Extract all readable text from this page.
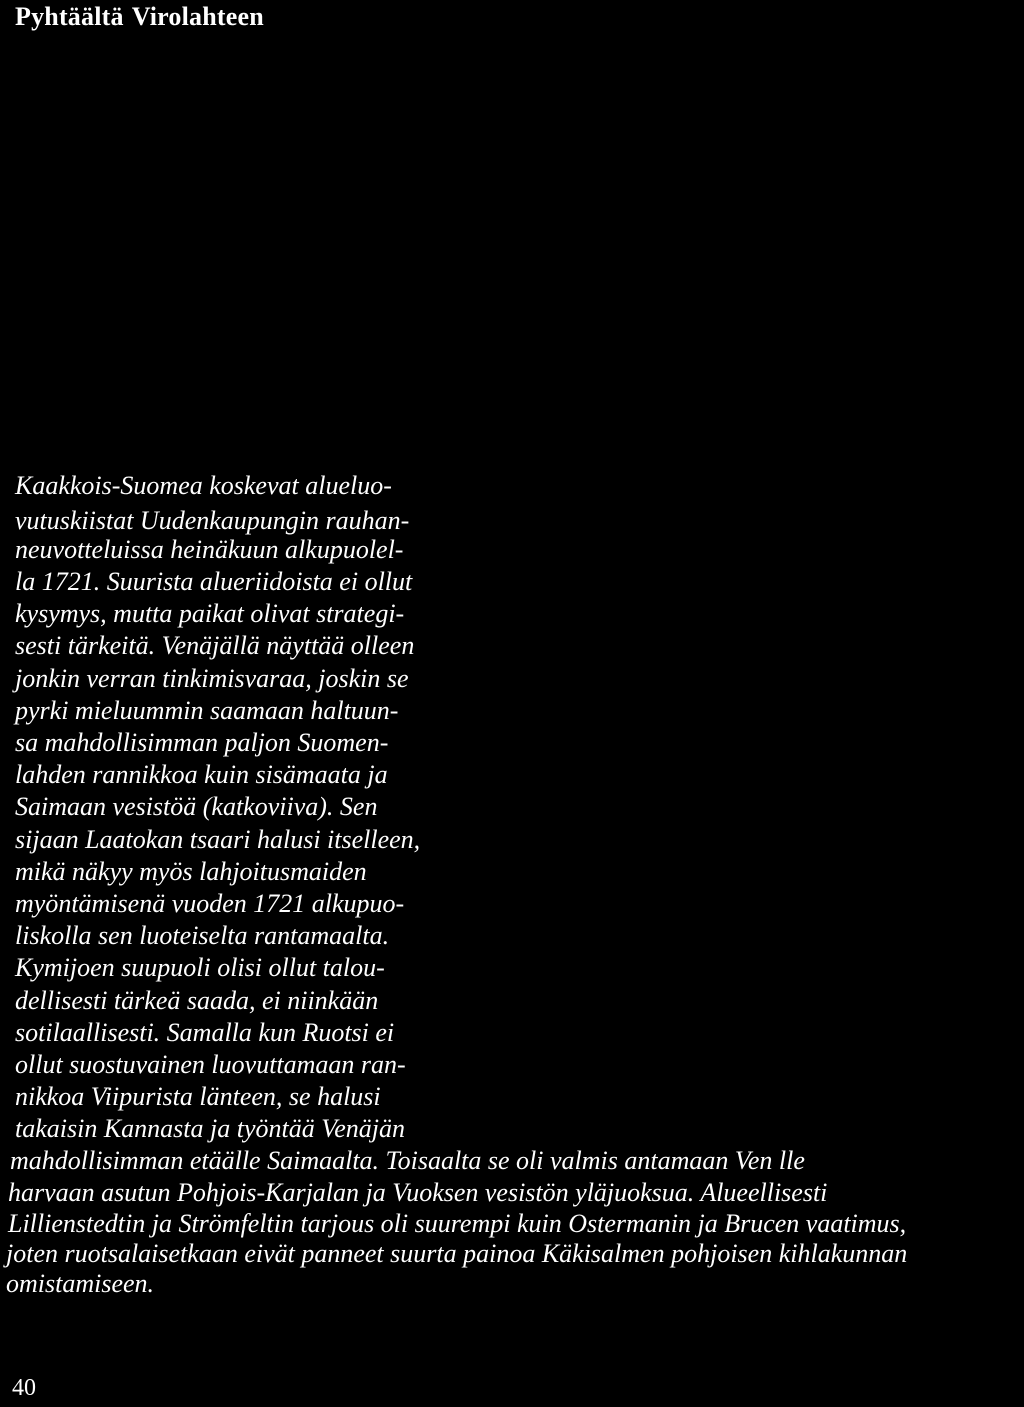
Pyhtäältä Virolahteen
Kaakkois-Suomea koskevat alueluo-
vutuskiistat Uudenkaupungin rauhan-
neuvotteluissa heinäkuun alkupuolel-
la 1721. Suurista alueriidoista ei ollut
kysymys, mutta paikat olivat strategi-
sesti tärkeitä. Venäjällä näyttää olleen
jonkin verran tinkimisvaraa, joskin se
pyrki mieluummin saamaan haltuun-
sa mahdollisimman paljon Suomen-
lahden rannikkoa kuin sisämaata ja
Saimaan vesistöä (katkoviiva). Sen
sijaan Laatokan tsaari halusi itselleen,
mikä näkyy myös lahjoitusmaiden
myöntämisenä vuoden 1721 alkupuo-
liskolla sen luoteiselta rantamaalta.
Kymijoen suupuoli olisi ollut talou-
dellisesti tärkeä saada, ei niinkään
sotilaallisesti. Samalla kun Ruotsi ei
ollut suostuvainen luovuttamaan ran-
nikkoa Viipurista länteen, se halusi
takaisin Kannasta ja työntää Venäjän
mahdollisimman etäälle Saimaalta. Toisaalta se oli valmis antamaan Ven lle
harvaan asutun Pohjois-Karjalan ja Vuoksen vesistön yläjuoksua. Alueellisesti
Lillienstedtin ja Strömfeltin tarjous oli suurempi kuin Ostermanin ja Brucen vaatimus,
joten ruotsalaisetkaan eivät panneet suurta painoa Käkisalmen pohjoisen kihlakunnan
omistamiseen.
40
